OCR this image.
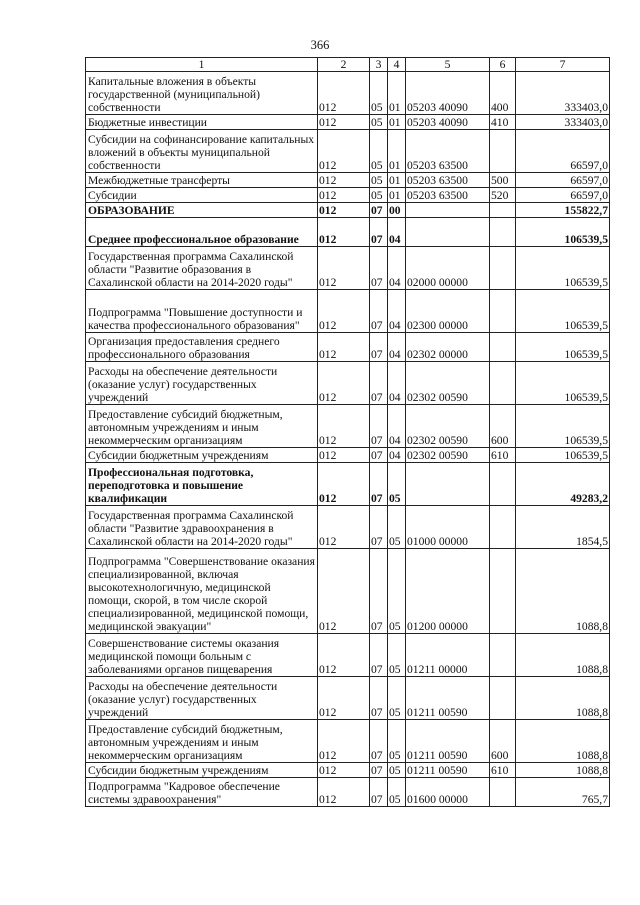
366
1	2	3	4	5	6	7
Капитальные вложения в объекты государственной (муниципальной) собственности	012	05	01	05203 40090	400	333403,0
Бюджетные инвестиции	012	05	01	05203 40090	410	333403,0
Субсидии на софинансирование капитальных вложений в объекты муниципальной собственности	012	05	01	05203 63500		66597,0
Межбюджетные трансферты	012	05	01	05203 63500	500	66597,0
Субсидии	012	05	01	05203 63500	520	66597,0
ОБРАЗОВАНИЕ	012	07	00			155822,7
Среднее профессиональное образование	012	07	04			106539,5
Государственная программа Сахалинской области "Развитие образования в Сахалинской области на 2014-2020 годы"	012	07	04	02000 00000		106539,5
Подпрограмма "Повышение доступности и качества профессионального образования"	012	07	04	02300 00000		106539,5
Организация предоставления среднего профессионального образования	012	07	04	02302 00000		106539,5
Расходы на обеспечение деятельности (оказание услуг) государственных учреждений	012	07	04	02302 00590		106539,5
Предоставление субсидий бюджетным, автономным учреждениям и иным некоммерческим организациям	012	07	04	02302 00590	600	106539,5
Субсидии бюджетным учреждениям	012	07	04	02302 00590	610	106539,5
Профессиональная подготовка, переподготовка и повышение квалификации	012	07	05			49283,2
Государственная программа Сахалинской области "Развитие здравоохранения в Сахалинской области на 2014-2020 годы"	012	07	05	01000 00000		1854,5
Подпрограмма "Совершенствование оказания специализированной, включая высокотехнологичную, медицинской помощи, скорой, в том числе скорой специализированной, медицинской помощи, медицинской эвакуации"	012	07	05	01200 00000		1088,8
Совершенствование системы оказания медицинской помощи больным с заболеваниями органов пищеварения	012	07	05	01211 00000		1088,8
Расходы на обеспечение деятельности (оказание услуг) государственных учреждений	012	07	05	01211 00590		1088,8
Предоставление субсидий бюджетным, автономным учреждениям и иным некоммерческим организациям	012	07	05	01211 00590	600	1088,8
Субсидии бюджетным учреждениям	012	07	05	01211 00590	610	1088,8
Подпрограмма "Кадровое обеспечение системы здравоохранения"	012	07	05	01600 00000		765,7
